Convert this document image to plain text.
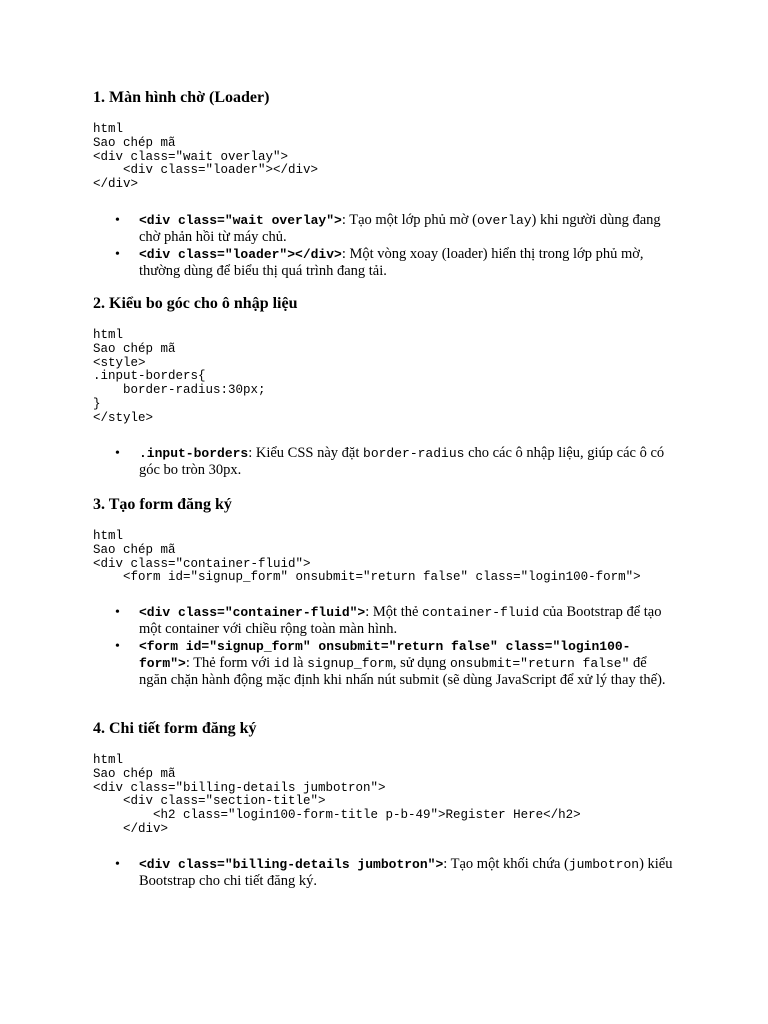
1. Màn hình chờ (Loader)
html
Sao chép mã
<div class="wait overlay">
<div class="loader"></div>
</div>
• <div class="wait overlay">: Tạo một lớp phủ mờ (overlay) khi người dùng đang chờ phản hồi từ máy chủ.
• <div class="loader"></div>: Một vòng xoay (loader) hiển thị trong lớp phủ mờ, thường dùng để biểu thị quá trình đang tải.
2. Kiểu bo góc cho ô nhập liệu
html
Sao chép mã
<style>
.input-borders{
border-radius:30px;
}
</style>
• .input-borders: Kiểu CSS này đặt border-radius cho các ô nhập liệu, giúp các ô có góc bo tròn 30px.
3. Tạo form đăng ký
html
Sao chép mã
<div class="container-fluid">
<form id="signup_form" onsubmit="return false" class="login100-form">
• <div class="container-fluid">: Một thẻ container-fluid của Bootstrap để tạo một container với chiều rộng toàn màn hình.
• <form id="signup_form" onsubmit="return false" class="login100-form">: Thẻ form với id là signup_form, sử dụng onsubmit="return false" để ngăn chặn hành động mặc định khi nhấn nút submit (sẽ dùng JavaScript để xử lý thay thế).
4. Chi tiết form đăng ký
html
Sao chép mã
<div class="billing-details jumbotron">
<div class="section-title">
<h2 class="login100-form-title p-b-49">Register Here</h2>
</div>
• <div class="billing-details jumbotron">: Tạo một khối chứa (jumbotron) kiểu Bootstrap cho chi tiết đăng ký.
